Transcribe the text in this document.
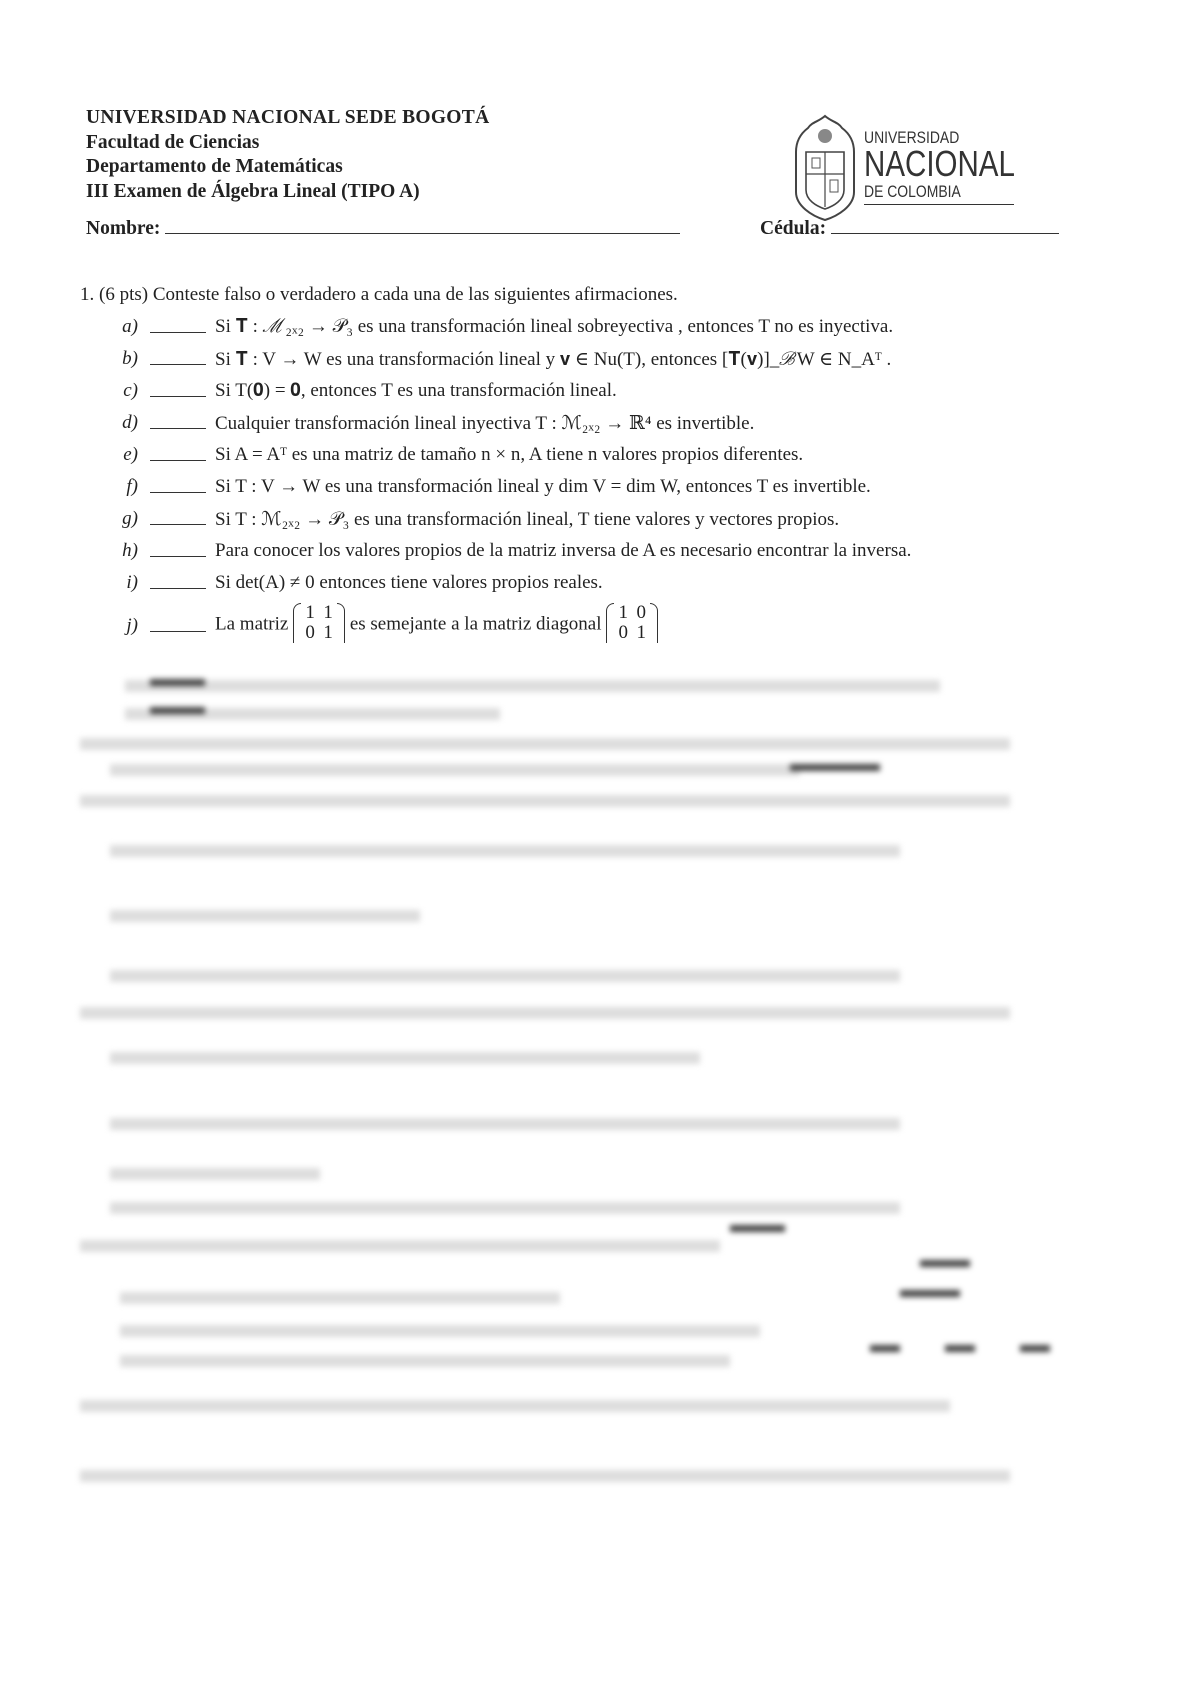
UNIVERSIDAD NACIONAL SEDE BOGOTÁ
Facultad de Ciencias
Departamento de Matemáticas
III Examen de Álgebra Lineal (TIPO A)
UNIVERSIDAD
NACIONAL
DE COLOMBIA
Nombre:	Cédula:
1. (6 pts) Conteste falso o verdadero a cada una de las siguientes afirmaciones.
a)	Si 𝐓 : ℳ₂ₓ₂ → 𝒫₃ es una transformación lineal sobreyectiva , entonces T no es inyectiva.
b)	Si 𝐓 : V → W es una transformación lineal y 𝐯 ∈ Nu(T), entonces [𝐓(𝐯)]_ℬW ∈ N_Aᵀ .
c)	Si T(𝟎) = 𝟎, entonces T es una transformación lineal.
d)	Cualquier transformación lineal inyectiva T : ℳ₂ₓ₂ → ℝ⁴ es invertible.
e)	Si A = Aᵀ es una matriz de tamaño n × n, A tiene n valores propios diferentes.
f)	Si T : V → W es una transformación lineal y dim V = dim W, entonces T es invertible.
g)	Si T : ℳ₂ₓ₂ → 𝒫₃ es una transformación lineal, T tiene valores y vectores propios.
h)	Para conocer los valores propios de la matriz inversa de A es necesario encontrar la inversa.
i)	Si det(A) ≠ 0 entonces tiene valores propios reales.
j)	La matriz 1 1
0 1 es semejante a la matriz diagonal 1 0
0 1
